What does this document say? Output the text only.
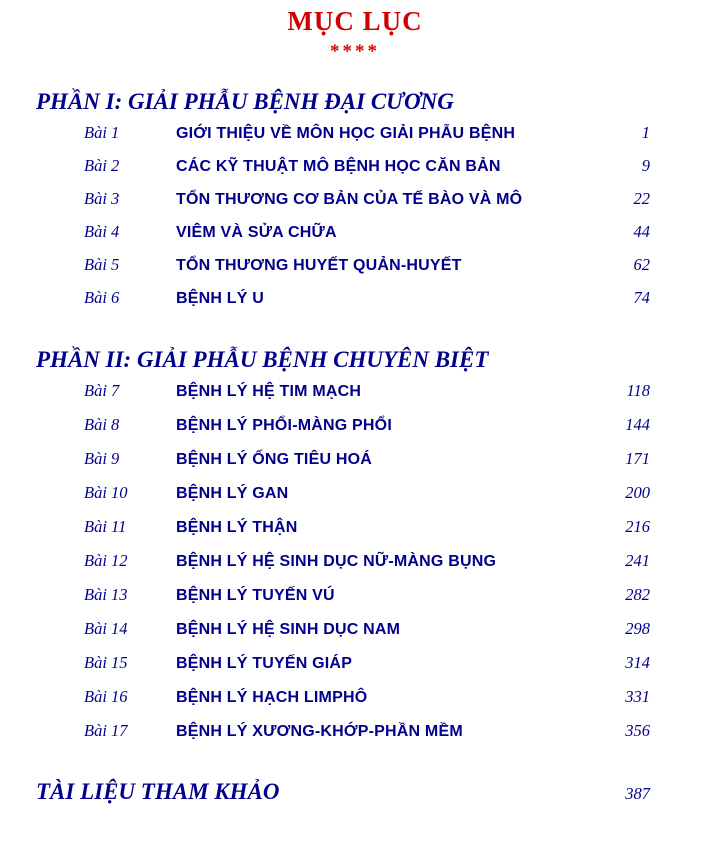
MỤC LỤC
****
PHẦN I: GIẢI PHẪU BỆNH ĐẠI CƯƠNG
Bài 1	GIỚI THIỆU VỀ MÔN HỌC GIẢI PHẪU BỆNH	1
Bài 2	CÁC KỸ THUẬT MÔ BỆNH HỌC CĂN BẢN	9
Bài 3	TỔN THƯƠNG CƠ BẢN CỦA TẾ BÀO VÀ MÔ	22
Bài 4	VIÊM VÀ SỬA CHỮA	44
Bài 5	TỔN THƯƠNG HUYẾT QUẢN-HUYẾT	62
Bài 6	BỆNH LÝ U	74
PHẦN II: GIẢI PHẪU BỆNH CHUYÊN BIỆT
Bài 7	BỆNH LÝ HỆ TIM MẠCH	118
Bài 8	BỆNH LÝ PHỔI-MÀNG PHỔI	144
Bài 9	BỆNH LÝ ỐNG TIÊU HOÁ	171
Bài 10	BỆNH LÝ GAN	200
Bài 11	BỆNH LÝ THẬN	216
Bài 12	BỆNH LÝ HỆ SINH DỤC NỮ-MÀNG BỤNG	241
Bài 13	BỆNH LÝ TUYẾN VÚ	282
Bài 14	BỆNH LÝ HỆ SINH DỤC NAM	298
Bài 15	BỆNH LÝ TUYẾN GIÁP	314
Bài 16	BỆNH LÝ HẠCH LIMPHÔ	331
Bài 17	BỆNH LÝ XƯƠNG-KHỚP-PHẦN MỀM	356
TÀI LIỆU THAM KHẢO	387
